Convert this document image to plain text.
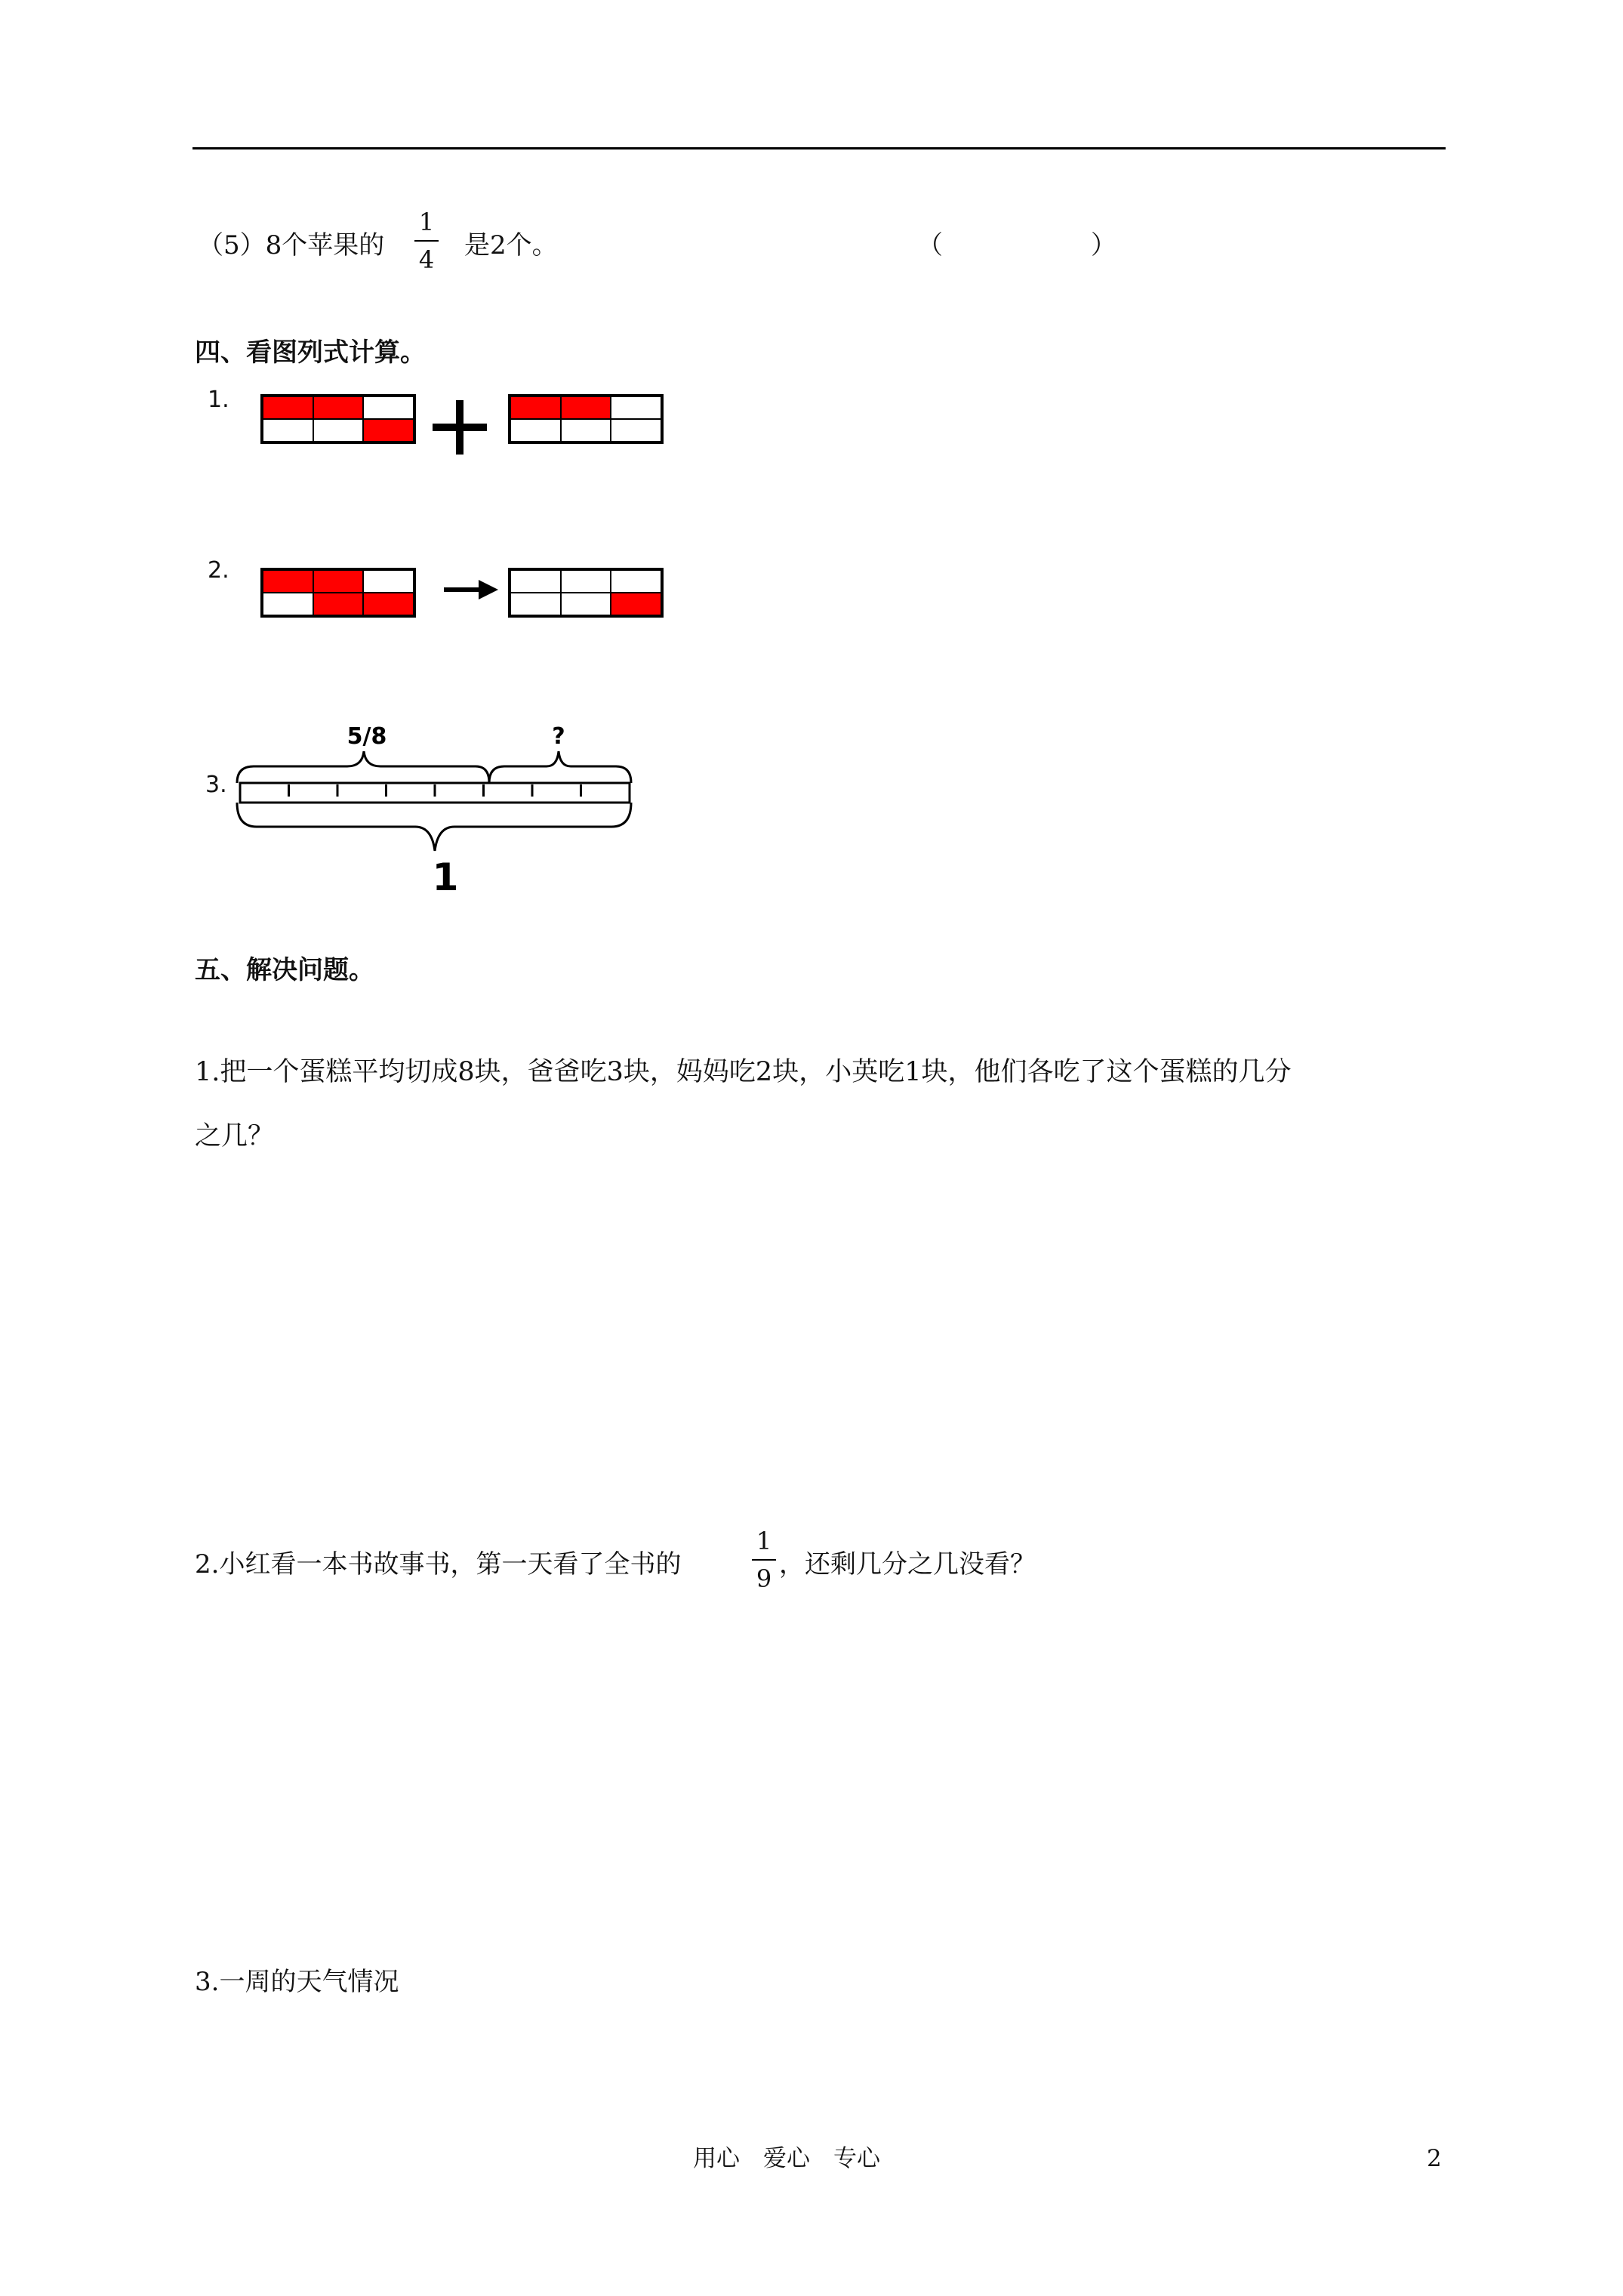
（5）8个苹果的
1
4 是2个。	（	）
四、看图列式计算。
1.
2.
3.
5/8	?
1
五、解决问题。
1.把一个蛋糕平均切成8块，爸爸吃3块，妈妈吃2块，小英吃1块，他们各吃了这个蛋糕的几分
之几？
2.小红看一本书故事书，第一天看了全书的
1
9 ，还剩几分之几没看？
3.一周的天气情况
用心　爱心　专心	2
